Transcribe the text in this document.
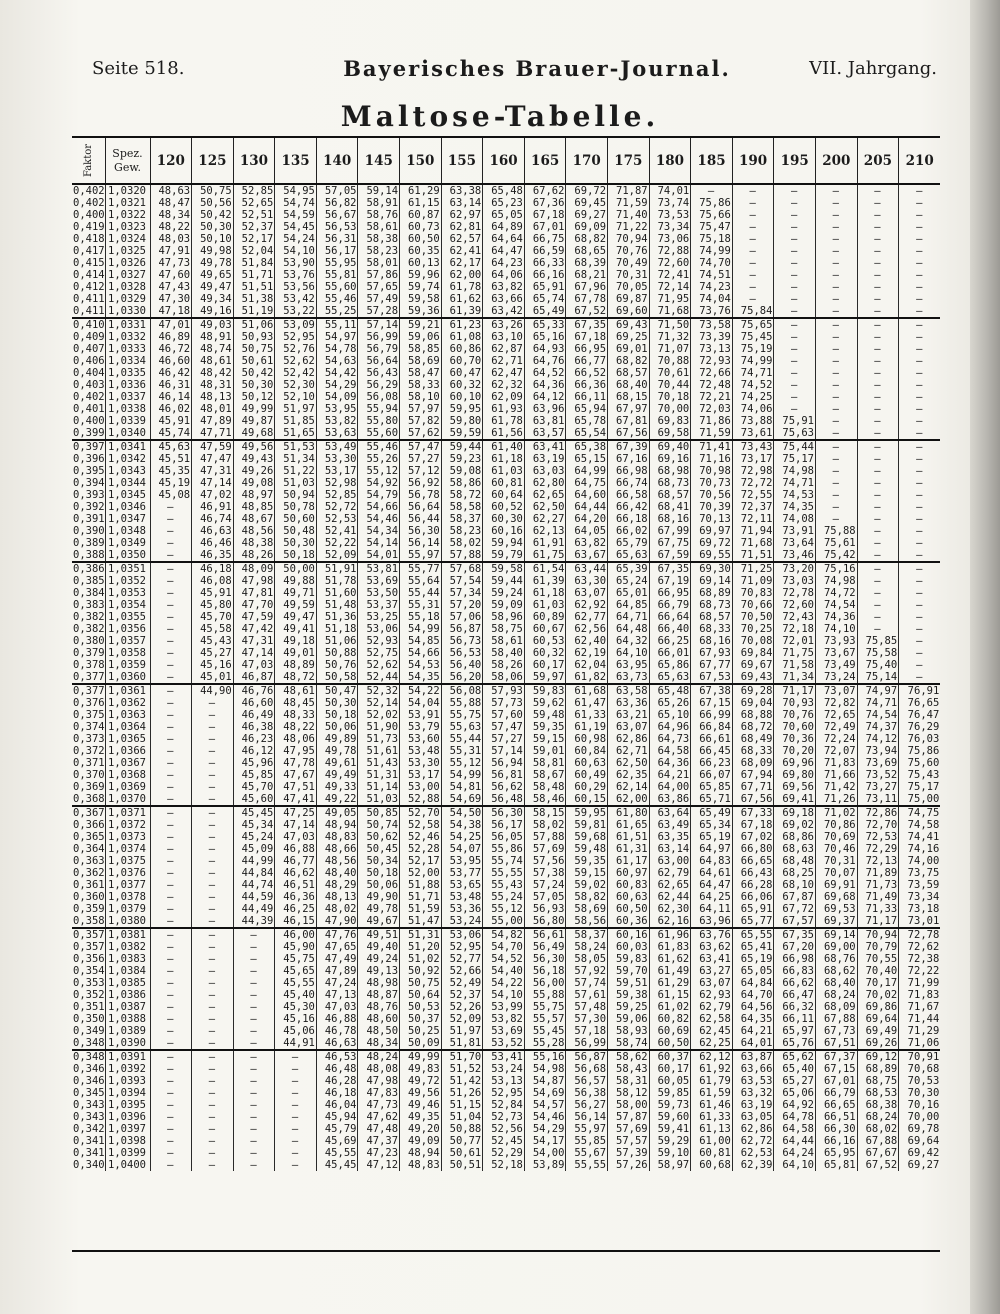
Seite 518.	Bayerisches Brauer-Journal.	VII. Jahrgang.
Maltose-Tabelle.
Faktor	Spez.
Gew.	120	125	130	135	140	145	150	155	160	165	170	175	180	185	190	195	200	205	210
0,402	1,0320	48,63	50,75	52,85	54,95	57,05	59,14	61,29	63,38	65,48	67,62	69,72	71,87	74,01	—	—	—	—	—	—
0,402	1,0321	48,47	50,56	52,65	54,74	56,82	58,91	61,15	63,14	65,23	67,36	69,45	71,59	73,74	75,86	—	—	—	—	—
0,400	1,0322	48,34	50,42	52,51	54,59	56,67	58,76	60,87	62,97	65,05	67,18	69,27	71,40	73,53	75,66	—	—	—	—	—
0,419	1,0323	48,22	50,30	52,37	54,45	56,53	58,61	60,73	62,81	64,89	67,01	69,09	71,22	73,34	75,47	—	—	—	—	—
0,418	1,0324	48,03	50,10	52,17	54,24	56,31	58,38	60,50	62,57	64,64	66,75	68,82	70,94	73,06	75,18	—	—	—	—	—
0,417	1,0325	47,91	49,98	52,04	54,10	56,17	58,23	60,35	62,41	64,47	66,59	68,65	70,76	72,88	74,99	—	—	—	—	—
0,415	1,0326	47,73	49,78	51,84	53,90	55,95	58,01	60,13	62,17	64,23	66,33	68,39	70,49	72,60	74,70	—	—	—	—	—
0,414	1,0327	47,60	49,65	51,71	53,76	55,81	57,86	59,96	62,00	64,06	66,16	68,21	70,31	72,41	74,51	—	—	—	—	—
0,412	1,0328	47,43	49,47	51,51	53,56	55,60	57,65	59,74	61,78	63,82	65,91	67,96	70,05	72,14	74,23	—	—	—	—	—
0,411	1,0329	47,30	49,34	51,38	53,42	55,46	57,49	59,58	61,62	63,66	65,74	67,78	69,87	71,95	74,04	—	—	—	—	—
0,411	1,0330	47,18	49,16	51,19	53,22	55,25	57,28	59,36	61,39	63,42	65,49	67,52	69,60	71,68	73,76	75,84	—	—	—	—
0,410	1,0331	47,01	49,03	51,06	53,09	55,11	57,14	59,21	61,23	63,26	65,33	67,35	69,43	71,50	73,58	75,65	—	—	—	—
0,409	1,0332	46,89	48,91	50,93	52,95	54,97	56,99	59,06	61,08	63,10	65,16	67,18	69,25	71,32	73,39	75,45	—	—	—	—
0,407	1,0333	46,72	48,74	50,75	52,76	54,78	56,79	58,85	60,86	62,87	64,93	66,95	69,01	71,07	73,13	75,19	—	—	—	—
0,406	1,0334	46,60	48,61	50,61	52,62	54,63	56,64	58,69	60,70	62,71	64,76	66,77	68,82	70,88	72,93	74,99	—	—	—	—
0,404	1,0335	46,42	48,42	50,42	52,42	54,42	56,43	58,47	60,47	62,47	64,52	66,52	68,57	70,61	72,66	74,71	—	—	—	—
0,403	1,0336	46,31	48,31	50,30	52,30	54,29	56,29	58,33	60,32	62,32	64,36	66,36	68,40	70,44	72,48	74,52	—	—	—	—
0,402	1,0337	46,14	48,13	50,12	52,10	54,09	56,08	58,10	60,10	62,09	64,12	66,11	68,15	70,18	72,21	74,25	—	—	—	—
0,401	1,0338	46,02	48,01	49,99	51,97	53,95	55,94	57,97	59,95	61,93	63,96	65,94	67,97	70,00	72,03	74,06	—	—	—	—
0,400	1,0339	45,91	47,89	49,87	51,85	53,82	55,80	57,82	59,80	61,78	63,81	65,78	67,81	69,83	71,86	73,88	75,91	—	—	—
0,399	1,0340	45,74	47,71	49,68	51,65	53,63	55,60	57,62	59,59	61,56	63,57	65,54	67,56	69,58	71,59	73,61	75,63	—	—	—
0,397	1,0341	45,63	47,59	49,56	51,53	53,49	55,46	57,47	59,44	61,40	63,41	65,38	67,39	69,40	71,41	73,43	75,44	—	—	—
0,396	1,0342	45,51	47,47	49,43	51,34	53,30	55,26	57,27	59,23	61,18	63,19	65,15	67,16	69,16	71,16	73,17	75,17	—	—	—
0,395	1,0343	45,35	47,31	49,26	51,22	53,17	55,12	57,12	59,08	61,03	63,03	64,99	66,98	68,98	70,98	72,98	74,98	—	—	—
0,394	1,0344	45,19	47,14	49,08	51,03	52,98	54,92	56,92	58,86	60,81	62,80	64,75	66,74	68,73	70,73	72,72	74,71	—	—	—
0,393	1,0345	45,08	47,02	48,97	50,94	52,85	54,79	56,78	58,72	60,64	62,65	64,60	66,58	68,57	70,56	72,55	74,53	—	—	—
0,392	1,0346	—	46,91	48,85	50,78	52,72	54,66	56,64	58,58	60,52	62,50	64,44	66,42	68,41	70,39	72,37	74,35	—	—	—
0,391	1,0347	—	46,74	48,67	50,60	52,53	54,46	56,44	58,37	60,30	62,27	64,20	66,18	68,16	70,13	72,11	74,08	—	—	—
0,390	1,0348	—	46,63	48,56	50,48	52,41	54,34	56,30	58,23	60,16	62,13	64,05	66,02	67,99	69,97	71,94	73,91	75,88	—	—
0,389	1,0349	—	46,46	48,38	50,30	52,22	54,14	56,14	58,02	59,94	61,91	63,82	65,79	67,75	69,72	71,68	73,64	75,61	—	—
0,388	1,0350	—	46,35	48,26	50,18	52,09	54,01	55,97	57,88	59,79	61,75	63,67	65,63	67,59	69,55	71,51	73,46	75,42	—	—
0,386	1,0351	—	46,18	48,09	50,00	51,91	53,81	55,77	57,68	59,58	61,54	63,44	65,39	67,35	69,30	71,25	73,20	75,16	—	—
0,385	1,0352	—	46,08	47,98	49,88	51,78	53,69	55,64	57,54	59,44	61,39	63,30	65,24	67,19	69,14	71,09	73,03	74,98	—	—
0,384	1,0353	—	45,91	47,81	49,71	51,60	53,50	55,44	57,34	59,24	61,18	63,07	65,01	66,95	68,89	70,83	72,78	74,72	—	—
0,383	1,0354	—	45,80	47,70	49,59	51,48	53,37	55,31	57,20	59,09	61,03	62,92	64,85	66,79	68,73	70,66	72,60	74,54	—	—
0,382	1,0355	—	45,70	47,59	49,47	51,36	53,25	55,18	57,06	58,96	60,89	62,77	64,71	66,64	68,57	70,50	72,43	74,36	—	—
0,382	1,0356	—	45,58	47,42	49,41	51,18	53,06	54,99	56,87	58,75	60,67	62,56	64,48	66,40	68,33	70,25	72,18	74,10	—	—
0,380	1,0357	—	45,43	47,31	49,18	51,06	52,93	54,85	56,73	58,61	60,53	62,40	64,32	66,25	68,16	70,08	72,01	73,93	75,85	—
0,379	1,0358	—	45,27	47,14	49,01	50,88	52,75	54,66	56,53	58,40	60,32	62,19	64,10	66,01	67,93	69,84	71,75	73,67	75,58	—
0,378	1,0359	—	45,16	47,03	48,89	50,76	52,62	54,53	56,40	58,26	60,17	62,04	63,95	65,86	67,77	69,67	71,58	73,49	75,40	—
0,377	1,0360	—	45,01	46,87	48,72	50,58	52,44	54,35	56,20	58,06	59,97	61,82	63,73	65,63	67,53	69,43	71,34	73,24	75,14	—
0,377	1,0361	—	44,90	46,76	48,61	50,47	52,32	54,22	56,08	57,93	59,83	61,68	63,58	65,48	67,38	69,28	71,17	73,07	74,97	76,91
0,376	1,0362	—	—	46,60	48,45	50,30	52,14	54,04	55,88	57,73	59,62	61,47	63,36	65,26	67,15	69,04	70,93	72,82	74,71	76,65
0,375	1,0363	—	—	46,49	48,33	50,18	52,02	53,91	55,75	57,60	59,48	61,33	63,21	65,10	66,99	68,88	70,76	72,65	74,54	76,47
0,374	1,0364	—	—	46,38	48,22	50,06	51,90	53,79	55,63	57,47	59,35	61,19	63,07	64,96	66,84	68,72	70,60	72,49	74,37	76,29
0,373	1,0365	—	—	46,23	48,06	49,89	51,73	53,60	55,44	57,27	59,15	60,98	62,86	64,73	66,61	68,49	70,36	72,24	74,12	76,03
0,372	1,0366	—	—	46,12	47,95	49,78	51,61	53,48	55,31	57,14	59,01	60,84	62,71	64,58	66,45	68,33	70,20	72,07	73,94	75,86
0,371	1,0367	—	—	45,96	47,78	49,61	51,43	53,30	55,12	56,94	58,81	60,63	62,50	64,36	66,23	68,09	69,96	71,83	73,69	75,60
0,370	1,0368	—	—	45,85	47,67	49,49	51,31	53,17	54,99	56,81	58,67	60,49	62,35	64,21	66,07	67,94	69,80	71,66	73,52	75,43
0,369	1,0369	—	—	45,70	47,51	49,33	51,14	53,00	54,81	56,62	58,48	60,29	62,14	64,00	65,85	67,71	69,56	71,42	73,27	75,17
0,368	1,0370	—	—	45,60	47,41	49,22	51,03	52,88	54,69	56,48	58,46	60,15	62,00	63,86	65,71	67,56	69,41	71,26	73,11	75,00
0,367	1,0371	—	—	45,45	47,25	49,05	50,85	52,70	54,50	56,30	58,15	59,95	61,80	63,64	65,49	67,33	69,18	71,02	72,86	74,75
0,366	1,0372	—	—	45,34	47,14	48,94	50,74	52,58	54,38	56,17	58,02	59,81	61,65	63,49	65,34	67,18	69,02	70,86	72,70	74,58
0,365	1,0373	—	—	45,24	47,03	48,83	50,62	52,46	54,25	56,05	57,88	59,68	61,51	63,35	65,19	67,02	68,86	70,69	72,53	74,41
0,364	1,0374	—	—	45,09	46,88	48,66	50,45	52,28	54,07	55,86	57,69	59,48	61,31	63,14	64,97	66,80	68,63	70,46	72,29	74,16
0,363	1,0375	—	—	44,99	46,77	48,56	50,34	52,17	53,95	55,74	57,56	59,35	61,17	63,00	64,83	66,65	68,48	70,31	72,13	74,00
0,362	1,0376	—	—	44,84	46,62	48,40	50,18	52,00	53,77	55,55	57,38	59,15	60,97	62,79	64,61	66,43	68,25	70,07	71,89	73,75
0,361	1,0377	—	—	44,74	46,51	48,29	50,06	51,88	53,65	55,43	57,24	59,02	60,83	62,65	64,47	66,28	68,10	69,91	71,73	73,59
0,360	1,0378	—	—	44,59	46,36	48,13	49,90	51,71	53,48	55,24	57,05	58,82	60,63	62,44	64,25	66,06	67,87	69,68	71,49	73,34
0,359	1,0379	—	—	44,49	46,25	48,02	49,78	51,59	53,36	55,12	56,93	58,69	60,50	62,30	64,11	65,91	67,72	69,53	71,33	73,18
0,358	1,0380	—	—	44,39	46,15	47,90	49,67	51,47	53,24	55,00	56,80	58,56	60,36	62,16	63,96	65,77	67,57	69,37	71,17	73,01
0,357	1,0381	—	—	—	46,00	47,76	49,51	51,31	53,06	54,82	56,61	58,37	60,16	61,96	63,76	65,55	67,35	69,14	70,94	72,78
0,357	1,0382	—	—	—	45,90	47,65	49,40	51,20	52,95	54,70	56,49	58,24	60,03	61,83	63,62	65,41	67,20	69,00	70,79	72,62
0,356	1,0383	—	—	—	45,75	47,49	49,24	51,02	52,77	54,52	56,30	58,05	59,83	61,62	63,41	65,19	66,98	68,76	70,55	72,38
0,354	1,0384	—	—	—	45,65	47,89	49,13	50,92	52,66	54,40	56,18	57,92	59,70	61,49	63,27	65,05	66,83	68,62	70,40	72,22
0,353	1,0385	—	—	—	45,55	47,24	48,98	50,75	52,49	54,22	56,00	57,74	59,51	61,29	63,07	64,84	66,62	68,40	70,17	71,99
0,352	1,0386	—	—	—	45,40	47,13	48,87	50,64	52,37	54,10	55,88	57,61	59,38	61,15	62,93	64,70	66,47	68,24	70,02	71,83
0,351	1,0387	—	—	—	45,30	47,03	48,76	50,53	52,26	53,99	55,75	57,48	59,25	61,02	62,79	64,56	66,32	68,09	69,86	71,67
0,350	1,0388	—	—	—	45,16	46,88	48,60	50,37	52,09	53,82	55,57	57,30	59,06	60,82	62,58	64,35	66,11	67,88	69,64	71,44
0,349	1,0389	—	—	—	45,06	46,78	48,50	50,25	51,97	53,69	55,45	57,18	58,93	60,69	62,45	64,21	65,97	67,73	69,49	71,29
0,348	1,0390	—	—	—	44,91	46,63	48,34	50,09	51,81	53,52	55,28	56,99	58,74	60,50	62,25	64,01	65,76	67,51	69,26	71,06
0,348	1,0391	—	—	—	—	46,53	48,24	49,99	51,70	53,41	55,16	56,87	58,62	60,37	62,12	63,87	65,62	67,37	69,12	70,91
0,346	1,0392	—	—	—	—	46,48	48,08	49,83	51,52	53,24	54,98	56,68	58,43	60,17	61,92	63,66	65,40	67,15	68,89	70,68
0,346	1,0393	—	—	—	—	46,28	47,98	49,72	51,42	53,13	54,87	56,57	58,31	60,05	61,79	63,53	65,27	67,01	68,75	70,53
0,345	1,0394	—	—	—	—	46,18	47,83	49,56	51,26	52,95	54,69	56,38	58,12	59,85	61,59	63,32	65,06	66,79	68,53	70,30
0,343	1,0395	—	—	—	—	46,04	47,73	49,46	51,15	52,84	54,57	56,27	58,00	59,73	61,46	63,19	64,92	66,65	68,38	70,16
0,343	1,0396	—	—	—	—	45,94	47,62	49,35	51,04	52,73	54,46	56,14	57,87	59,60	61,33	63,05	64,78	66,51	68,24	70,00
0,342	1,0397	—	—	—	—	45,79	47,48	49,20	50,88	52,56	54,29	55,97	57,69	59,41	61,13	62,86	64,58	66,30	68,02	69,78
0,341	1,0398	—	—	—	—	45,69	47,37	49,09	50,77	52,45	54,17	55,85	57,57	59,29	61,00	62,72	64,44	66,16	67,88	69,64
0,341	1,0399	—	—	—	—	45,55	47,23	48,94	50,61	52,29	54,00	55,67	57,39	59,10	60,81	62,53	64,24	65,95	67,67	69,42
0,340	1,0400	—	—	—	—	45,45	47,12	48,83	50,51	52,18	53,89	55,55	57,26	58,97	60,68	62,39	64,10	65,81	67,52	69,27
